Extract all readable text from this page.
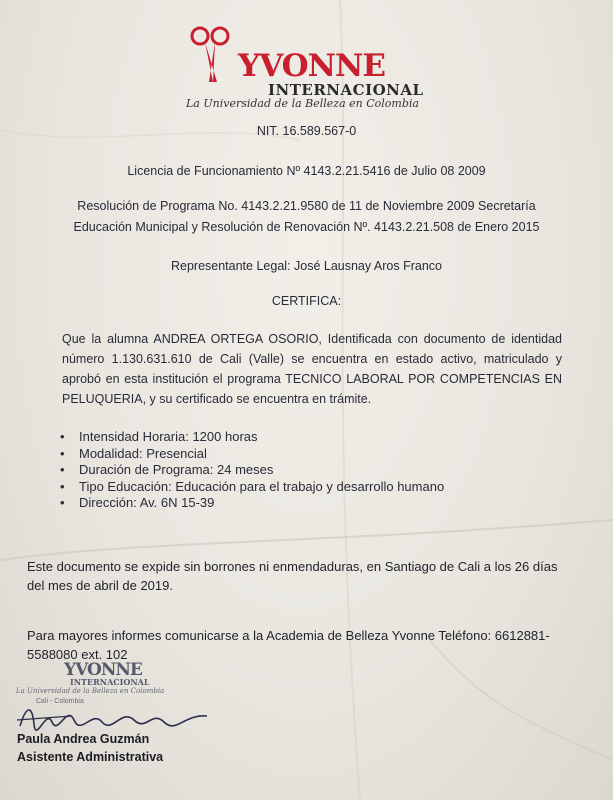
YVONNE
INTERNACIONAL
La Universidad de la Belleza en Colombia
NIT. 16.589.567-0
Licencia de Funcionamiento Nº 4143.2.21.5416 de Julio 08 2009
Resolución de Programa No. 4143.2.21.9580 de 11 de Noviembre 2009 Secretaría
Educación Municipal y Resolución de Renovación Nº. 4143.2.21.508 de Enero 2015
Representante Legal: José Lausnay Aros Franco
CERTIFICA:
Que la alumna ANDREA ORTEGA OSORIO, Identificada con documento de identidad número 1.130.631.610 de Cali (Valle) se encuentra en estado activo, matriculado y aprobó en esta institución el programa TECNICO LABORAL POR COMPETENCIAS EN PELUQUERIA, y su certificado se encuentra en trámite.
• Intensidad Horaria: 1200 horas
• Modalidad: Presencial
• Duración de Programa: 24 meses
• Tipo Educación: Educación para el trabajo y desarrollo humano
• Dirección: Av. 6N 15-39
Este documento se expide sin borrones ni enmendaduras, en Santiago de Cali a los 26 días del mes de abril de 2019.
Para mayores informes comunicarse a la Academia de Belleza Yvonne Teléfono: 6612881-5588080 ext. 102
YVONNE
INTERNACIONAL
La Universidad de la Belleza en Colombia
Cali - Colombia
Paula Andrea Guzmán
Asistente Administrativa
